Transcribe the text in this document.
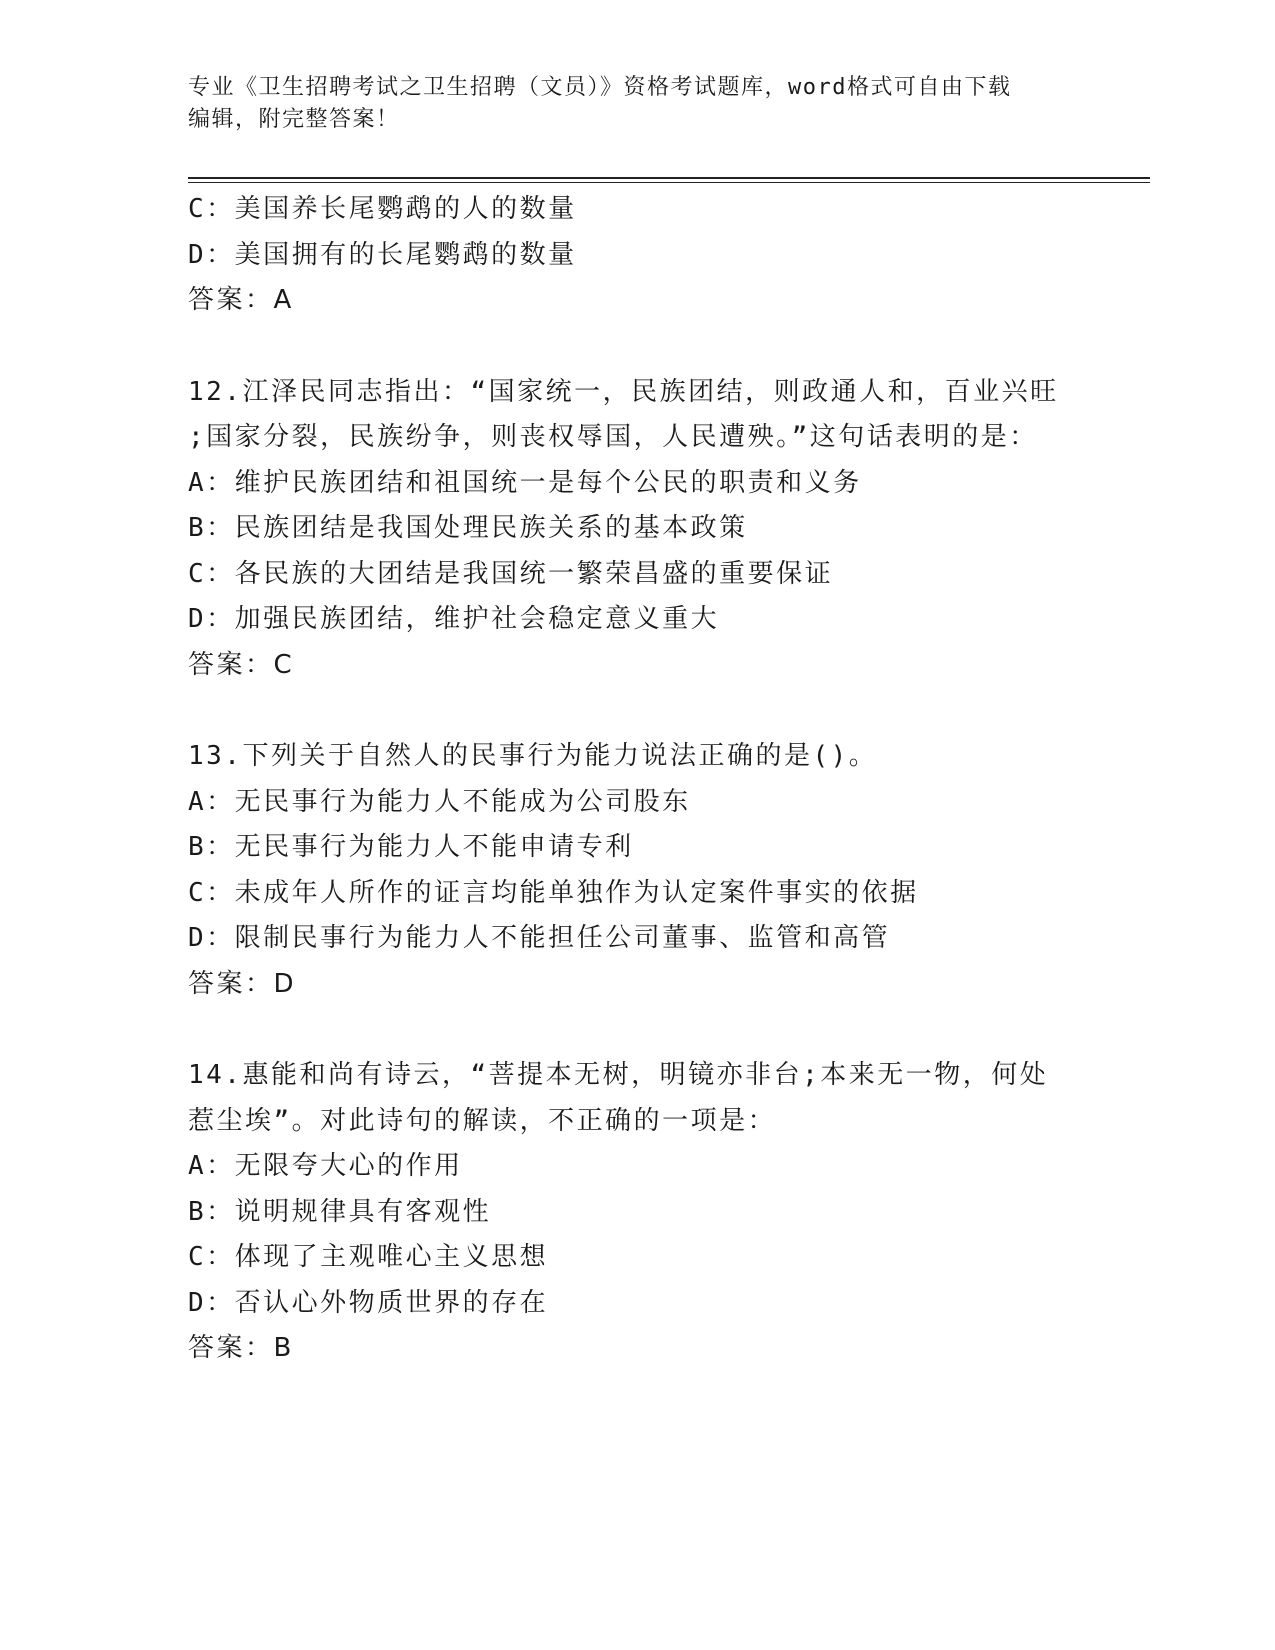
专业《卫生招聘考试之卫生招聘（文员）》资格考试题库，word格式可自由下载
编辑，附完整答案！
C：美国养长尾鹦鹉的人的数量
D：美国拥有的长尾鹦鹉的数量
答案：A
12.江泽民同志指出：“国家统一，民族团结，则政通人和，百业兴旺
;国家分裂，民族纷争，则丧权辱国，人民遭殃。”这句话表明的是：
A：维护民族团结和祖国统一是每个公民的职责和义务
B：民族团结是我国处理民族关系的基本政策
C：各民族的大团结是我国统一繁荣昌盛的重要保证
D：加强民族团结，维护社会稳定意义重大
答案：C
13.下列关于自然人的民事行为能力说法正确的是()。
A：无民事行为能力人不能成为公司股东
B：无民事行为能力人不能申请专利
C：未成年人所作的证言均能单独作为认定案件事实的依据
D：限制民事行为能力人不能担任公司董事、监管和高管
答案：D
14.惠能和尚有诗云，“菩提本无树，明镜亦非台;本来无一物，何处
惹尘埃”。对此诗句的解读，不正确的一项是：
A：无限夸大心的作用
B：说明规律具有客观性
C：体现了主观唯心主义思想
D：否认心外物质世界的存在
答案：B
